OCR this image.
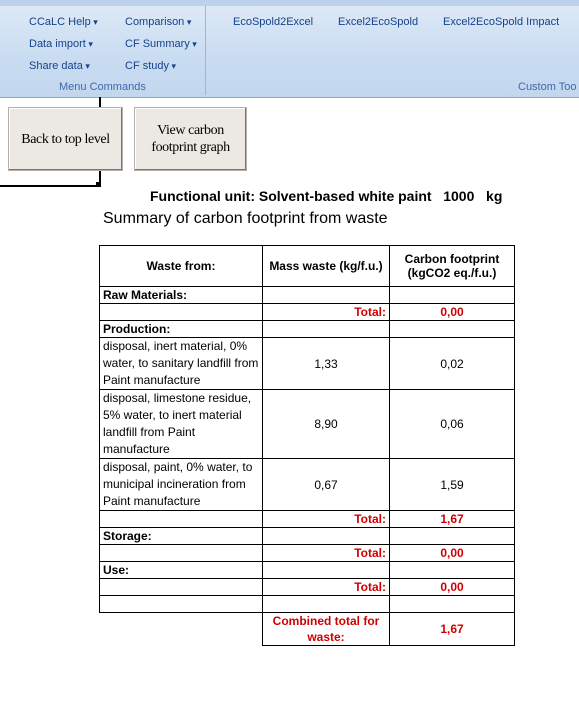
CCaLC Help ▾
Data import ▾
Share data ▾
Comparison ▾
CF Summary ▾
CF study ▾
Menu Commands
EcoSpold2Excel Excel2EcoSpold Excel2EcoSpold Impact
Custom Too
Back to top level
View carbon footprint graph
Functional unit: Solvent-based white paint   1000   kg
Summary of carbon footprint from waste
Waste from:	Mass waste (kg/f.u.)	Carbon footprint (kgCO2 eq./f.u.)
Raw Materials:		
	Total:	0,00
Production:		
disposal, inert material, 0% water, to sanitary landfill from Paint manufacture	1,33	0,02
disposal, limestone residue, 5% water, to inert material landfill from Paint manufacture	8,90	0,06
disposal, paint, 0% water, to municipal incineration from Paint manufacture	0,67	1,59
	Total:	1,67
Storage:		
	Total:	0,00
Use:		
	Total:	0,00

	Combined total for waste:	1,67
